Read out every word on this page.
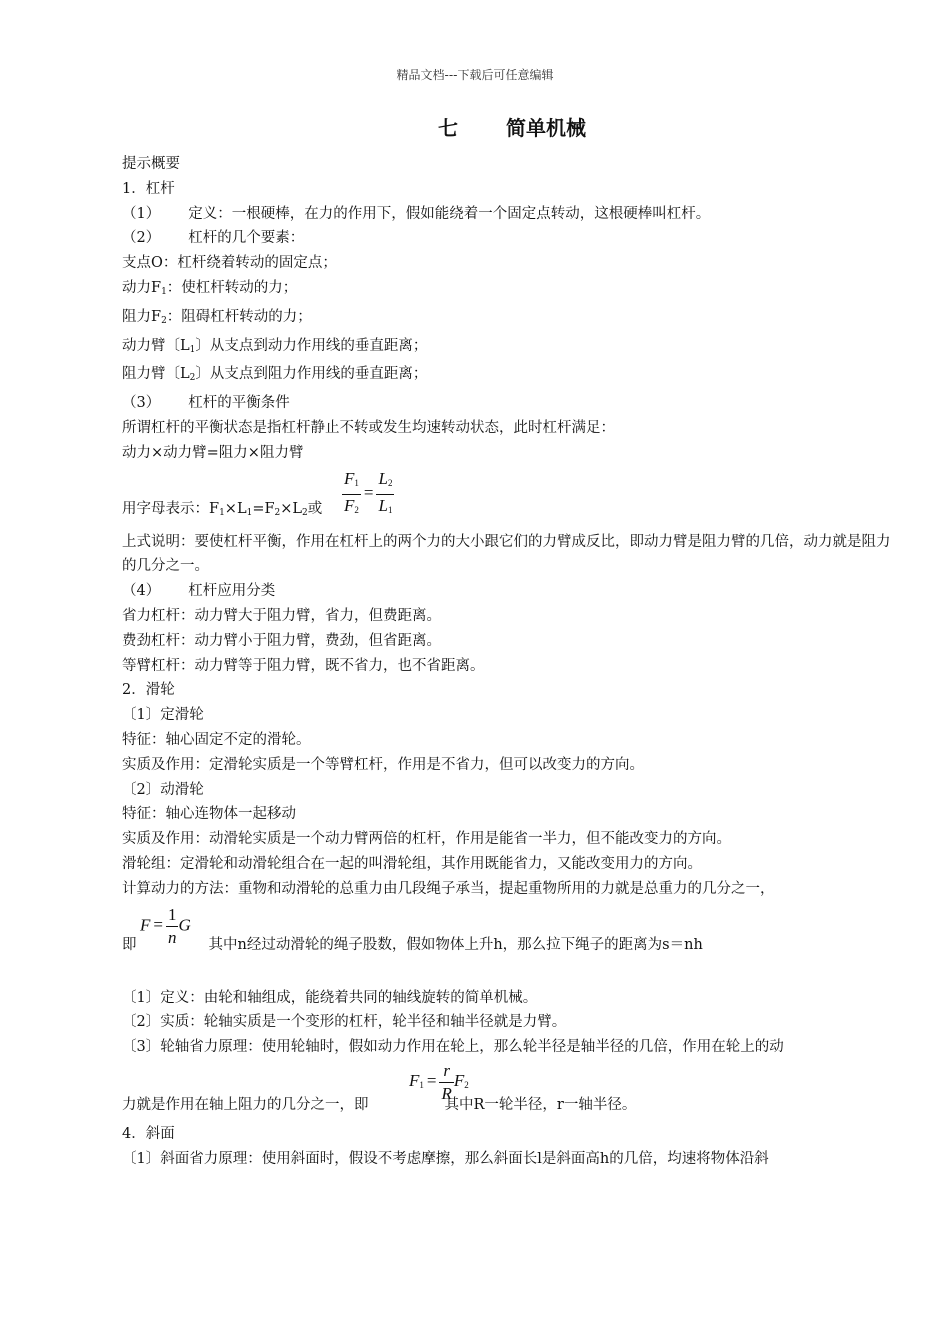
精品文档---下载后可任意编辑
七 简单机械
提示概要
1．杠杆
（1） 定义：一根硬棒，在力的作用下，假如能绕着一个固定点转动，这根硬棒叫杠杆。
（2） 杠杆的几个要素：
支点O：杠杆绕着转动的固定点；
动力$F_1$：使杠杆转动的力；
阻力$F_2$：阻碍杠杆转动的力；
动力臂〔$L_1$〕从支点到动力作用线的垂直距离；
阻力臂〔$L_2$〕从支点到阻力作用线的垂直距离；
（3） 杠杆的平衡条件
所谓杠杆的平衡状态是指杠杆静止不转或发生均速转动状态，此时杠杆满足：
动力×动力臂=阻力×阻力臂
用字母表示：$F_1\times L_1=F_2\times L_2$或 $\frac{F_1}{F_2} = \frac{L_2}{L_1}$
上式说明：要使杠杆平衡，作用在杠杆上的两个力的大小跟它们的力臂成反比，即动力臂是阻力臂的几倍，动力就是阻力的几分之一。
（4） 杠杆应用分类
省力杠杆：动力臂大于阻力臂，省力，但费距离。
费劲杠杆：动力臂小于阻力臂，费劲，但省距离。
等臂杠杆：动力臂等于阻力臂，既不省力，也不省距离。
2．滑轮
〔1〕定滑轮
特征：轴心固定不定的滑轮。
实质及作用：定滑轮实质是一个等臂杠杆，作用是不省力，但可以改变力的方向。
〔2〕动滑轮
特征：轴心连物体一起移动
实质及作用：动滑轮实质是一个动力臂两倍的杠杆，作用是能省一半力，但不能改变力的方向。
滑轮组：定滑轮和动滑轮组合在一起的叫滑轮组，其作用既能省力，又能改变用力的方向。
计算动力的方法：重物和动滑轮的总重力由几段绳子承当，提起重物所用的力就是总重力的几分之一，
即	其中n经过动滑轮的绳子股数，假如物体上升h，那么拉下绳子的距离为s＝nh
$F = \frac{1}{n}$ G
〔1〕定义：由轮和轴组成，能绕着共同的轴线旋转的简单机械。
〔2〕实质：轮轴实质是一个变形的杠杆，轮半径和轴半径就是力臂。
〔3〕轮轴省力原理：使用轮轴时，假如动力作用在轮上，那么轮半径是轴半径的几倍，作用在轮上的动
力就是作用在轴上阻力的几分之一，即	其中R一轮半径，r一轴半径。
$F_1 = \frac{r}{R} F_2$
4．斜面
〔1〕斜面省力原理：使用斜面时，假设不考虑摩擦，那么斜面长l是斜面高h的几倍，均速将物体沿斜
